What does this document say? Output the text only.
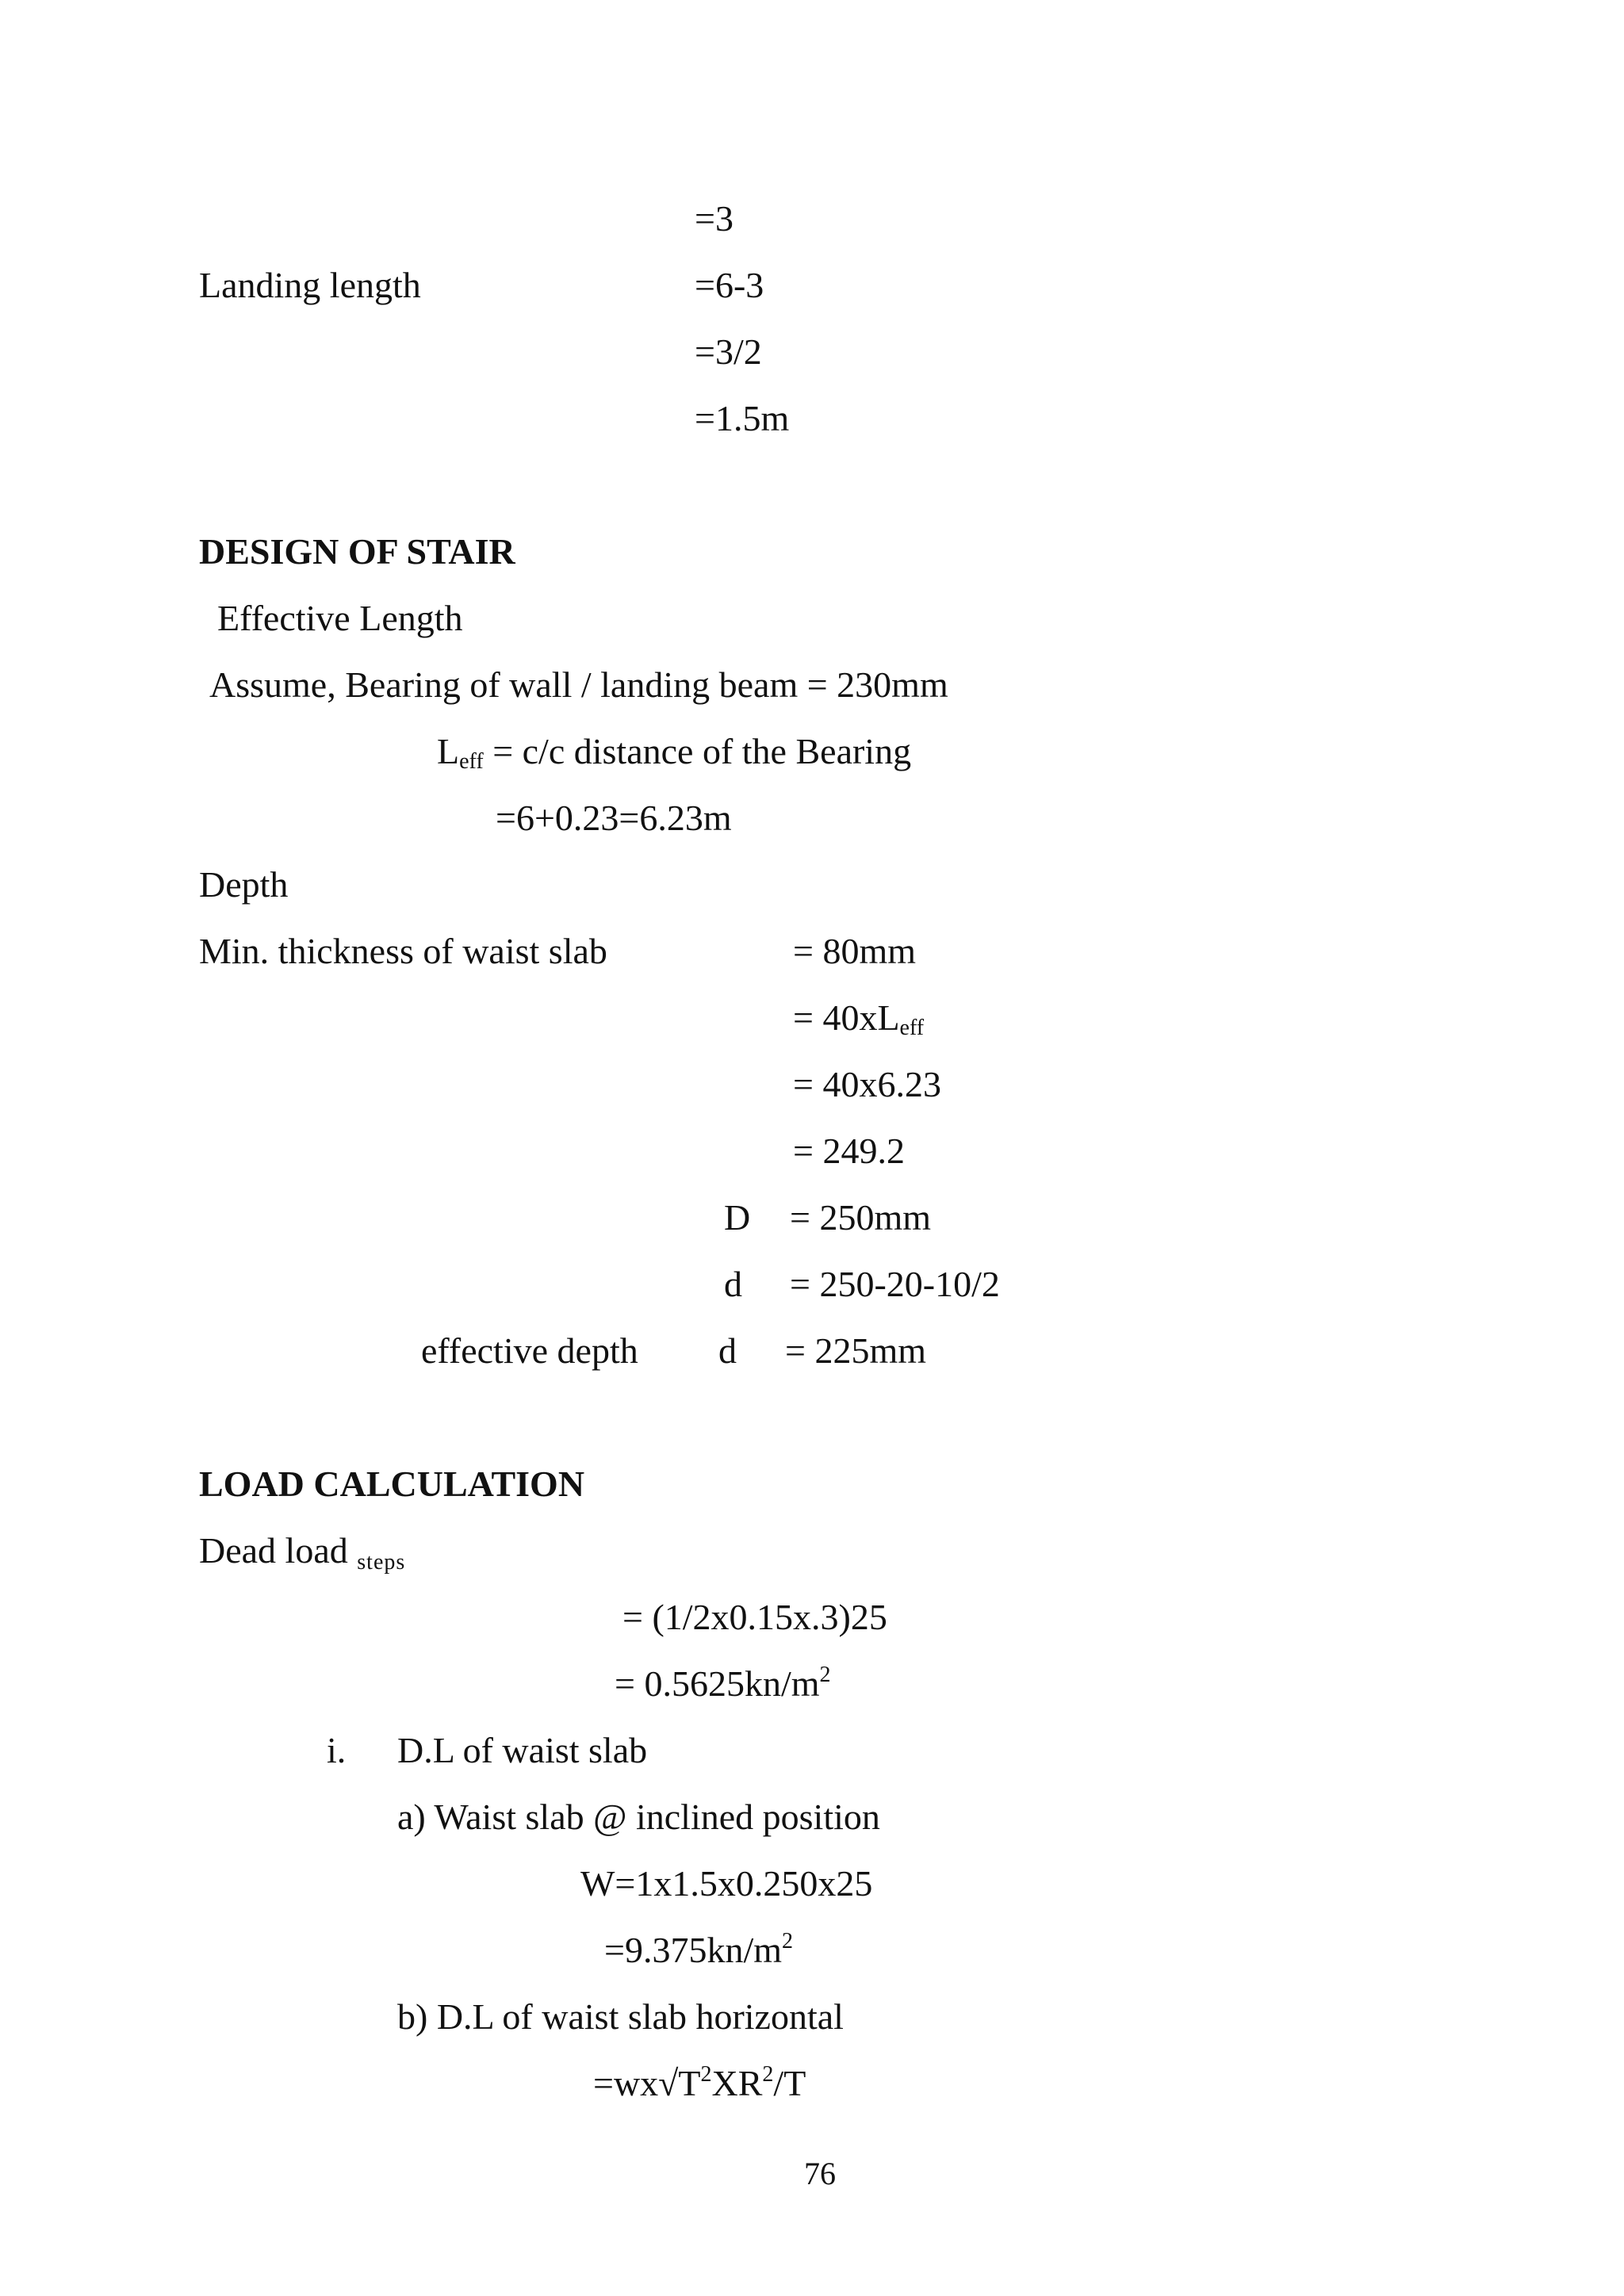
=3
Landing length	=6-3
=3/2
=1.5m
DESIGN OF STAIR
Effective Length
Assume, Bearing of wall / landing beam = 230mm
$L_{eff} = c/c$ distance of the Bearing
=6+0.23=6.23m
Depth
Min. thickness of waist slab	= 80mm
= $40xL_{eff}$
= 40x6.23
= 249.2
D = 250mm
d = 250-20-10/2
effective depth d = 225mm
LOAD CALCULATION
Dead load steps
= (1/2x0.15x.3)25
= $0.5625kn/m^2$
i. D.L of waist slab
a) Waist slab @ inclined position
W=1x1.5x0.250x25
$=9.375kn/m^2$
b) D.L of waist slab horizontal
$=wx√T^2XR^2/T$
76
